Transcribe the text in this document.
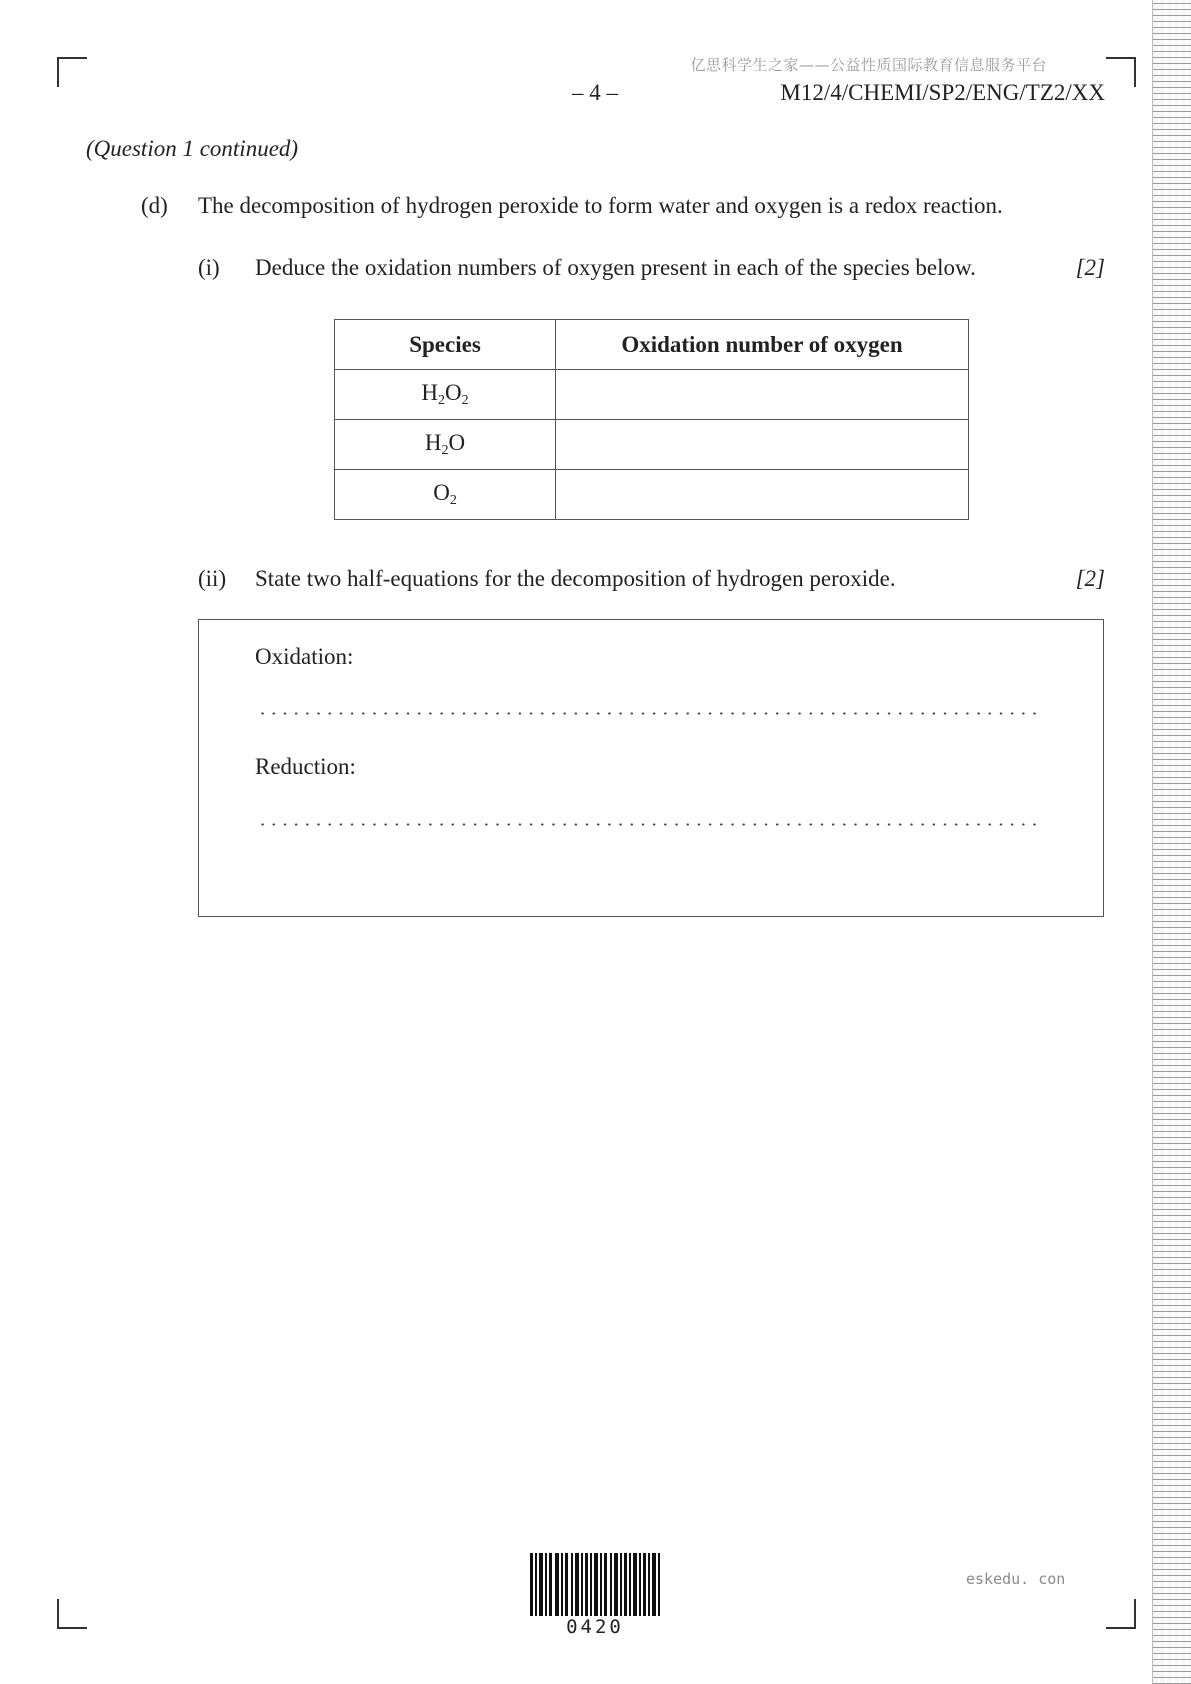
亿思科学生之家——公益性质国际教育信息服务平台
– 4 –	M12/4/CHEMI/SP2/ENG/TZ2/XX
(Question 1 continued)
(d) The decomposition of hydrogen peroxide to form water and oxygen is a redox reaction.
(i) Deduce the oxidation numbers of oxygen present in each of the species below.	[2]
Species	Oxidation number of oxygen
$H_2O_2$	
$H_2O$	
$O_2$	
(ii) State two half-equations for the decomposition of hydrogen peroxide.	[2]
Oxidation:
Reduction:
0420
eskedu. con
